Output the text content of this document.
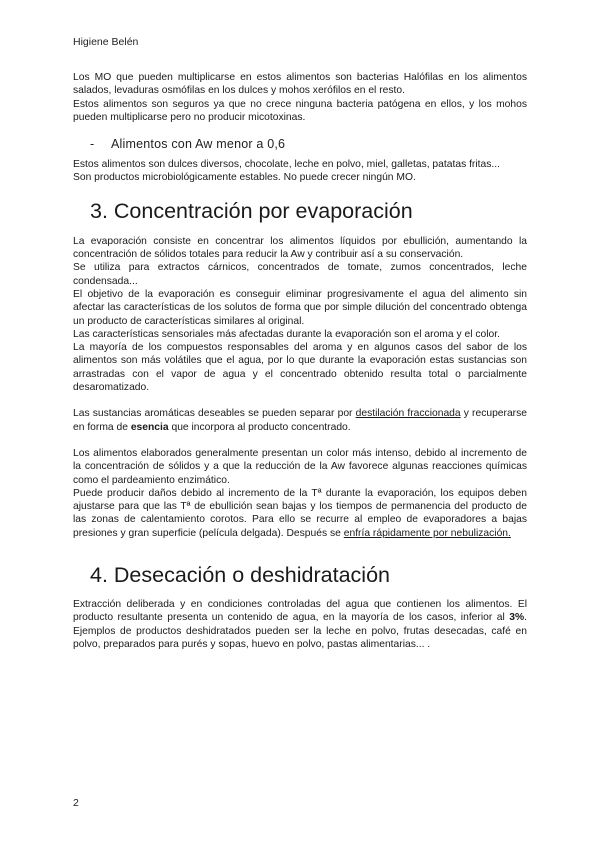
Higiene Belén

Los MO que pueden multiplicarse en estos alimentos son bacterias Halófilas en los alimentos salados, levaduras osmófilas en los dulces y mohos xerófilos en el resto.

Estos alimentos son seguros ya que no crece ninguna bacteria patógena en ellos, y los mohos pueden multiplicarse pero no producir micotoxinas.

- Alimentos con Aw menor a 0,6

Estos alimentos son dulces diversos, chocolate, leche en polvo, miel, galletas, patatas fritas...

Son productos microbiológicamente estables. No puede crecer ningún MO.

3. Concentración por evaporación

La evaporación consiste en concentrar los alimentos líquidos por ebullición, aumentando la concentración de sólidos totales para reducir la Aw y contribuir así a su conservación.

Se utiliza para extractos cárnicos, concentrados de tomate, zumos concentrados, leche condensada...

El objetivo de la evaporación es conseguir eliminar progresivamente el agua del alimento sin afectar las características de los solutos de forma que por simple dilución del concentrado obtenga un producto de características similares al original.

Las características sensoriales más afectadas durante la evaporación son el aroma y el color.

La mayoría de los compuestos responsables del aroma y en algunos casos del sabor de los alimentos son más volátiles que el agua, por lo que durante la evaporación estas sustancias son arrastradas con el vapor de agua y el concentrado obtenido resulta total o parcialmente desaromatizado.

Las sustancias aromáticas deseables se pueden separar por destilación fraccionada y recuperarse en forma de esencia que incorpora al producto concentrado.

Los alimentos elaborados generalmente presentan un color más intenso, debido al incremento de la concentración de sólidos y a que la reducción de la Aw favorece algunas reacciones químicas como el pardeamiento enzimático.

Puede producir daños debido al incremento de la Tª durante la evaporación, los equipos deben ajustarse para que las Tª de ebullición sean bajas y los tiempos de permanencia del producto de las zonas de calentamiento corotos. Para ello se recurre al empleo de evaporadores a bajas presiones y gran superficie (película delgada). Después se enfría rápidamente por nebulización.

4. Desecación o deshidratación

Extracción deliberada y en condiciones controladas del agua que contienen los alimentos. El producto resultante presenta un contenido de agua, en la mayoría de los casos, inferior al 3%. Ejemplos de productos deshidratados pueden ser la leche en polvo, frutas desecadas, café en polvo, preparados para purés y sopas, huevo en polvo, pastas alimentarias... .

2
